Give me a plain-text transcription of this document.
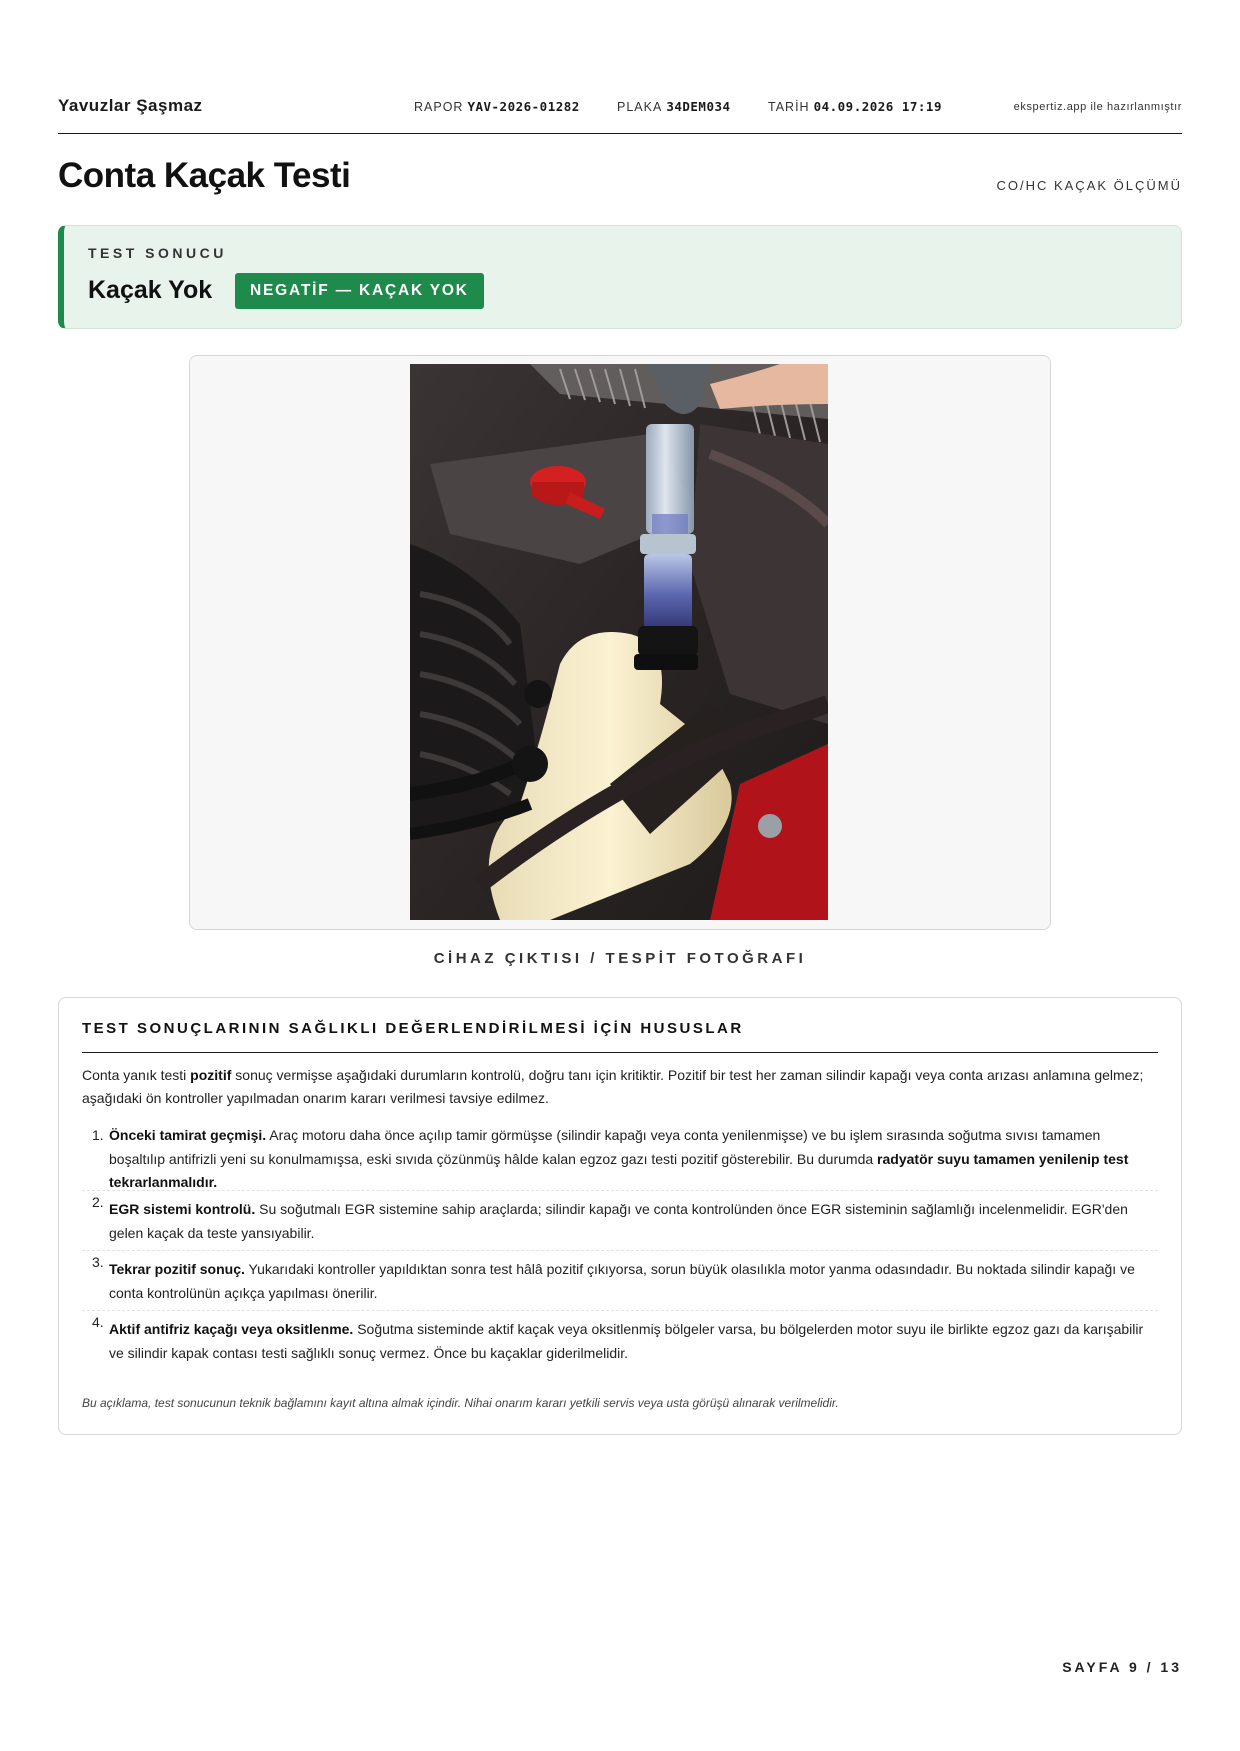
Yavuzlar Şaşmaz	RAPOR YAV-2026-01282	PLAKA 34DEM034	TARİH 04.09.2026 17:19	ekspertiz.app ile hazırlanmıştır
Conta Kaçak Testi	CO/HC KAÇAK ÖLÇÜMÜ
TEST SONUCU
Kaçak Yok	NEGATİF — KAÇAK YOK
CİHAZ ÇIKTISI / TESPİT FOTOĞRAFI
TEST SONUÇLARININ SAĞLIKLI DEĞERLENDİRİLMESİ İÇİN HUSUSLAR

Conta yanık testi pozitif sonuç vermişse aşağıdaki durumların kontrolü, doğru tanı için kritiktir. Pozitif bir test her zaman silindir kapağı veya conta arızası anlamına gelmez; aşağıdaki ön kontroller yapılmadan onarım kararı verilmesi tavsiye edilmez.

1. Önceki tamirat geçmişi. Araç motoru daha önce açılıp tamir görmüşse (silindir kapağı veya conta yenilenmişse) ve bu işlem sırasında soğutma sıvısı tamamen boşaltılıp antifrizli yeni su konulmamışsa, eski sıvıda çözünmüş hâlde kalan egzoz gazı testi pozitif gösterebilir. Bu durumda radyatör suyu tamamen yenilenip test tekrarlanmalıdır.
2. EGR sistemi kontrolü. Su soğutmalı EGR sistemine sahip araçlarda; silindir kapağı ve conta kontrolünden önce EGR sisteminin sağlamlığı incelenmelidir. EGR'den gelen kaçak da teste yansıyabilir.
3. Tekrar pozitif sonuç. Yukarıdaki kontroller yapıldıktan sonra test hâlâ pozitif çıkıyorsa, sorun büyük olasılıkla motor yanma odasındadır. Bu noktada silindir kapağı ve conta kontrolünün açıkça yapılması önerilir.
4. Aktif antifriz kaçağı veya oksitlenme. Soğutma sisteminde aktif kaçak veya oksitlenmiş bölgeler varsa, bu bölgelerden motor suyu ile birlikte egzoz gazı da karışabilir ve silindir kapak contası testi sağlıklı sonuç vermez. Önce bu kaçaklar giderilmelidir.
Bu açıklama, test sonucunun teknik bağlamını kayıt altına almak içindir. Nihai onarım kararı yetkili servis veya usta görüşü alınarak verilmelidir.
SAYFA 9 / 13
